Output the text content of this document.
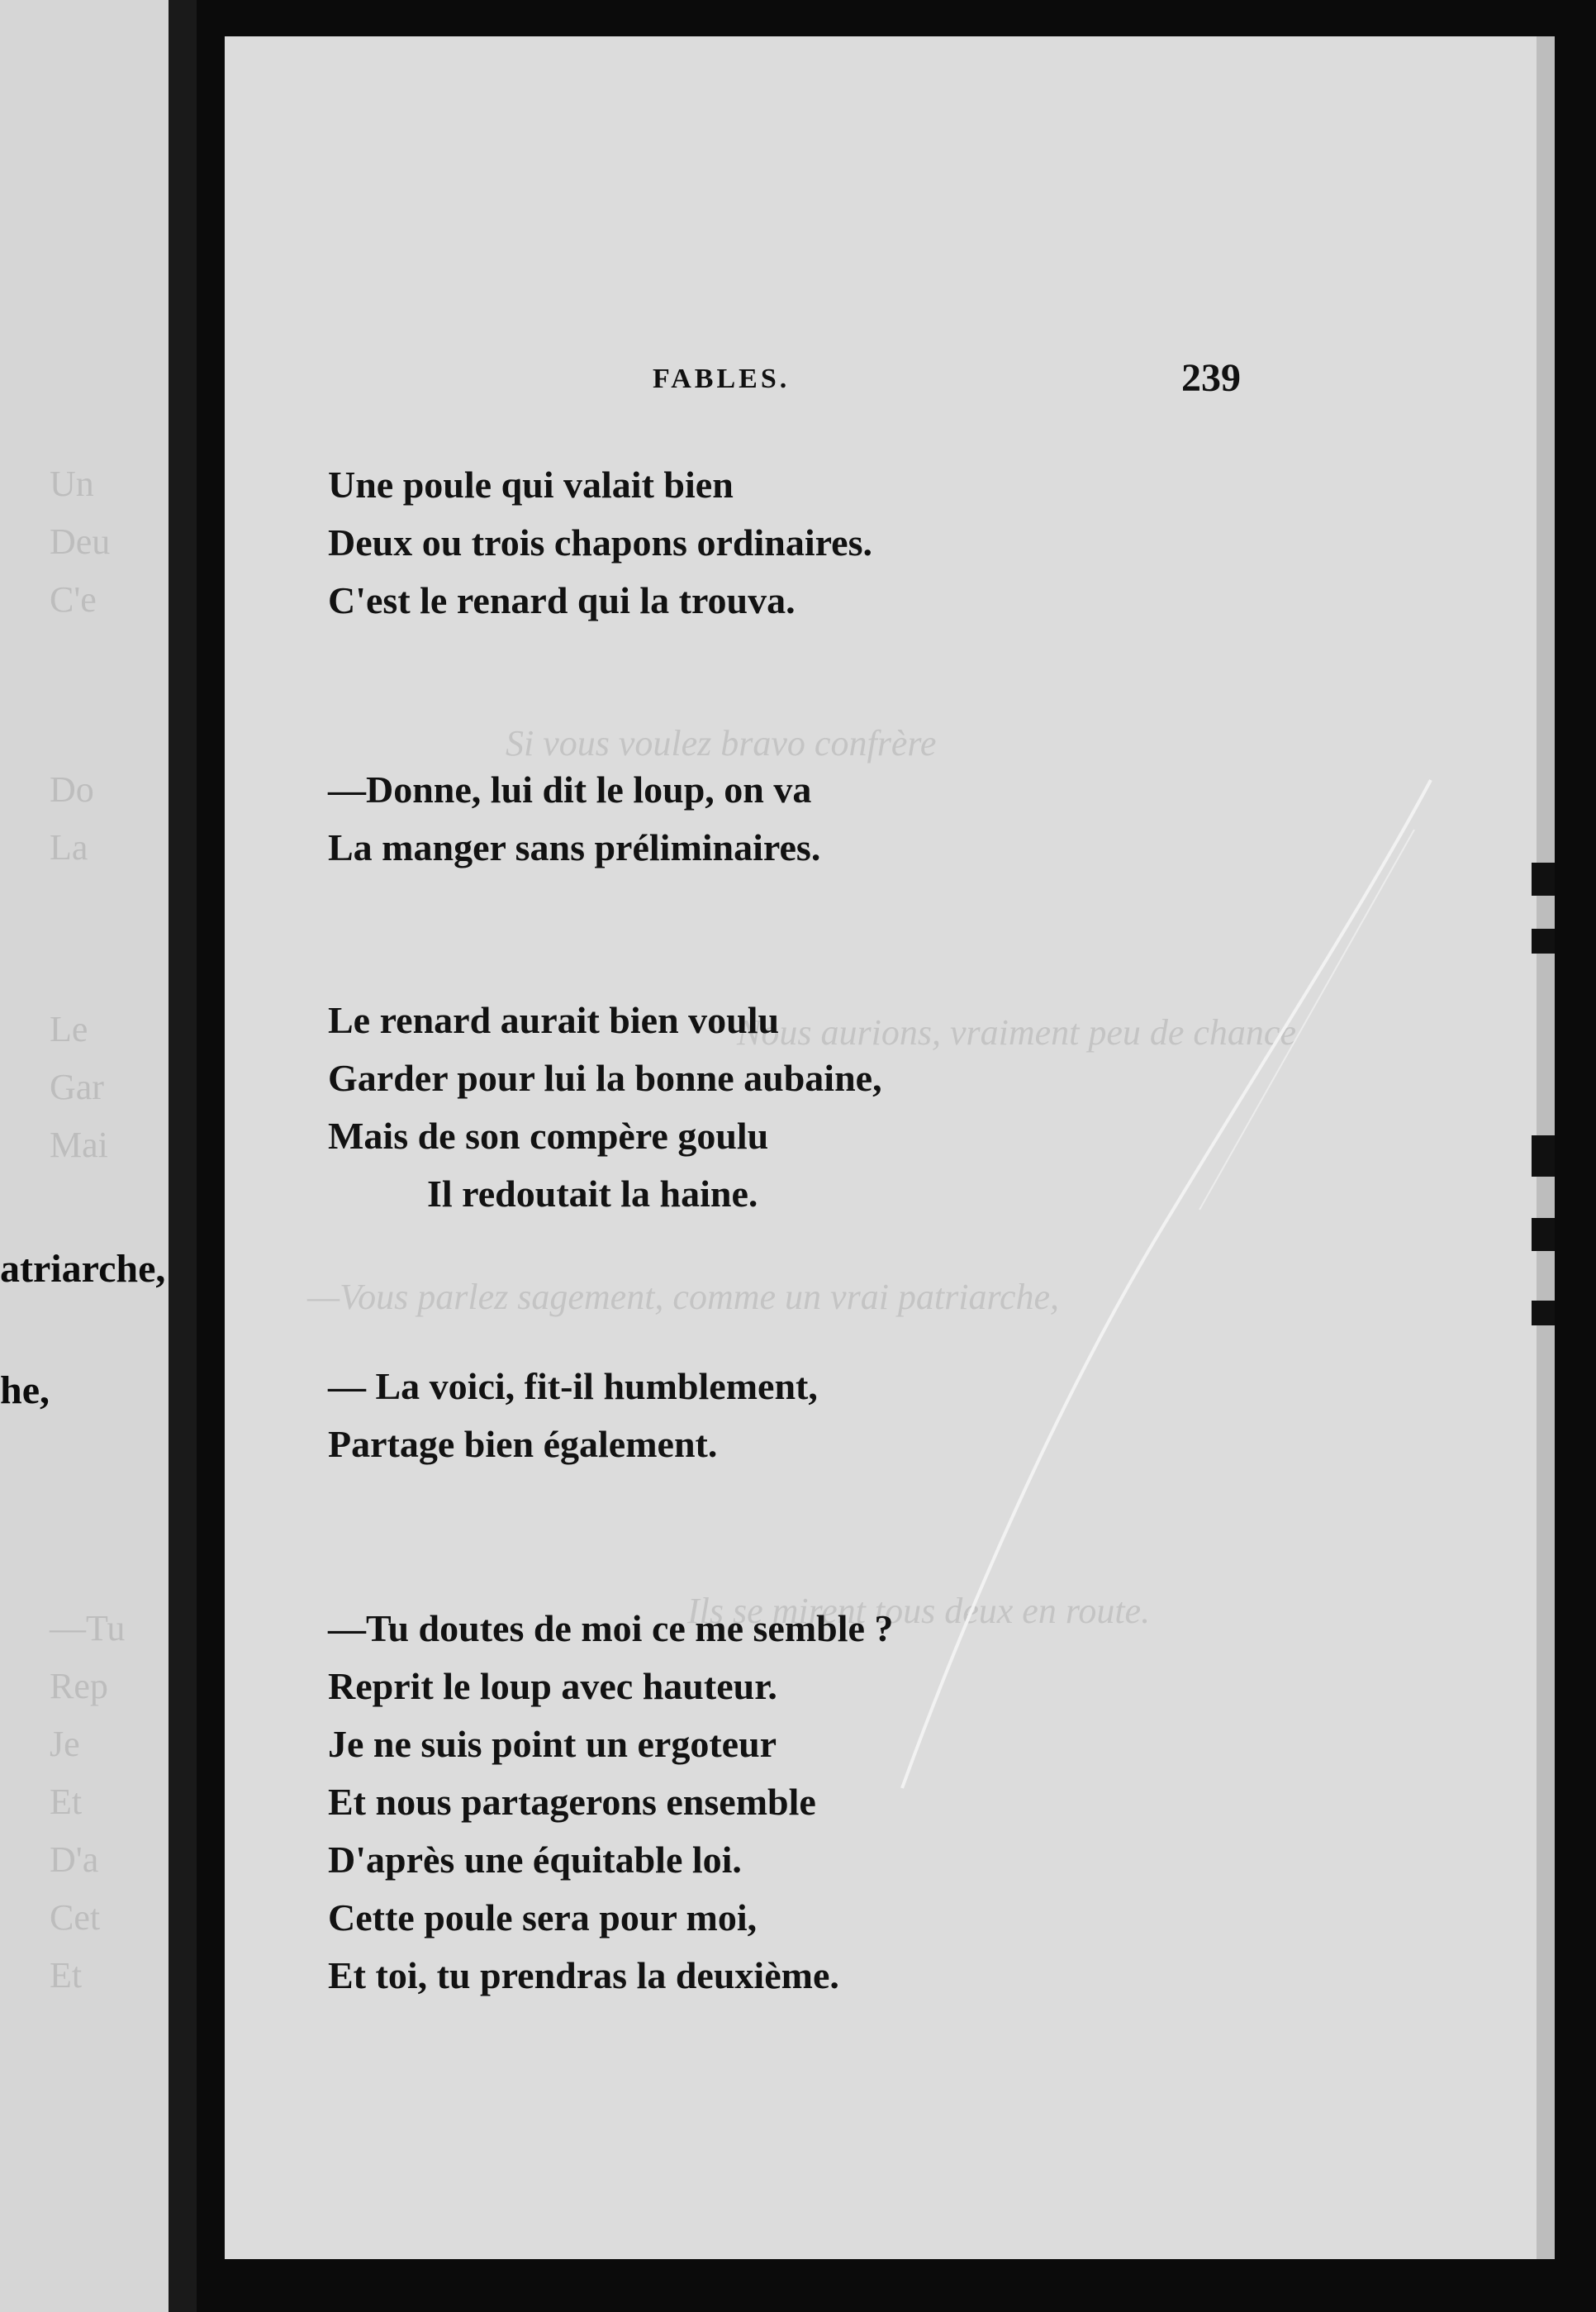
Un
Deu
C'e
Do
La
Le
Gar
Mai
atriarche,
he,
—Tu
Rep
Je
Et
D'a
Cet
Et
Si vous voulez bravo confrère
Nous aurions, vraiment peu de chance
—Vous parlez sagement, comme un vrai patriarche,
Ils se mirent tous deux en route.
FABLES.	239
Une poule qui valait bien
Deux ou trois chapons ordinaires.
C'est le renard qui la trouva.
—Donne, lui dit le loup, on va
La manger sans préliminaires.
Le renard aurait bien voulu
Garder pour lui la bonne aubaine,
Mais de son compère goulu
Il redoutait la haine.
— La voici, fit-il humblement,
Partage bien également.
—Tu doutes de moi ce me semble ?
Reprit le loup avec hauteur.
Je ne suis point un ergoteur
Et nous partagerons ensemble
D'après une équitable loi.
Cette poule sera pour moi,
Et toi, tu prendras la deuxième.
